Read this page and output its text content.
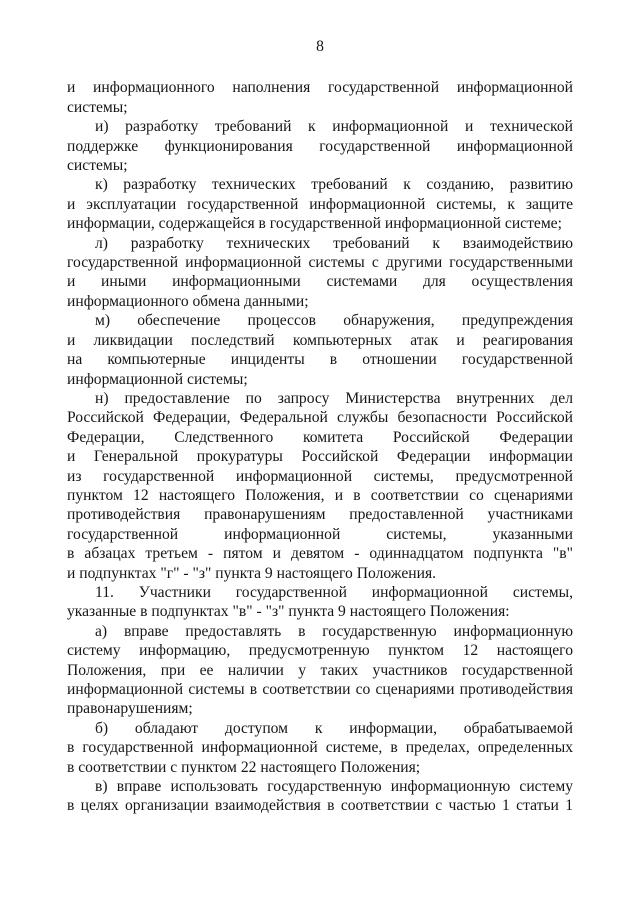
8
и информационного наполнения государственной информационной
системы;
и) разработку требований к информационной и технической
поддержке функционирования государственной информационной
системы;
к) разработку технических требований к созданию, развитию
и эксплуатации государственной информационной системы, к защите
информации, содержащейся в государственной информационной системе;
л) разработку технических требований к взаимодействию
государственной информационной системы с другими государственными
и иными информационными системами для осуществления
информационного обмена данными;
м) обеспечение процессов обнаружения, предупреждения
и ликвидации последствий компьютерных атак и реагирования
на компьютерные инциденты в отношении государственной
информационной системы;
н) предоставление по запросу Министерства внутренних дел
Российской Федерации, Федеральной службы безопасности Российской
Федерации, Следственного комитета Российской Федерации
и Генеральной прокуратуры Российской Федерации информации
из государственной информационной системы, предусмотренной
пунктом 12 настоящего Положения, и в соответствии со сценариями
противодействия правонарушениям предоставленной участниками
государственной информационной системы, указанными
в абзацах третьем - пятом и девятом - одиннадцатом подпункта "в"
и подпунктах "г" - "з" пункта 9 настоящего Положения.
11. Участники государственной информационной системы,
указанные в подпунктах "в" - "з" пункта 9 настоящего Положения:
а) вправе предоставлять в государственную информационную
систему информацию, предусмотренную пунктом 12 настоящего
Положения, при ее наличии у таких участников государственной
информационной системы в соответствии со сценариями противодействия
правонарушениям;
б) обладают доступом к информации, обрабатываемой
в государственной информационной системе, в пределах, определенных
в соответствии с пунктом 22 настоящего Положения;
в) вправе использовать государственную информационную систему
в целях организации взаимодействия в соответствии с частью 1 статьи 1
